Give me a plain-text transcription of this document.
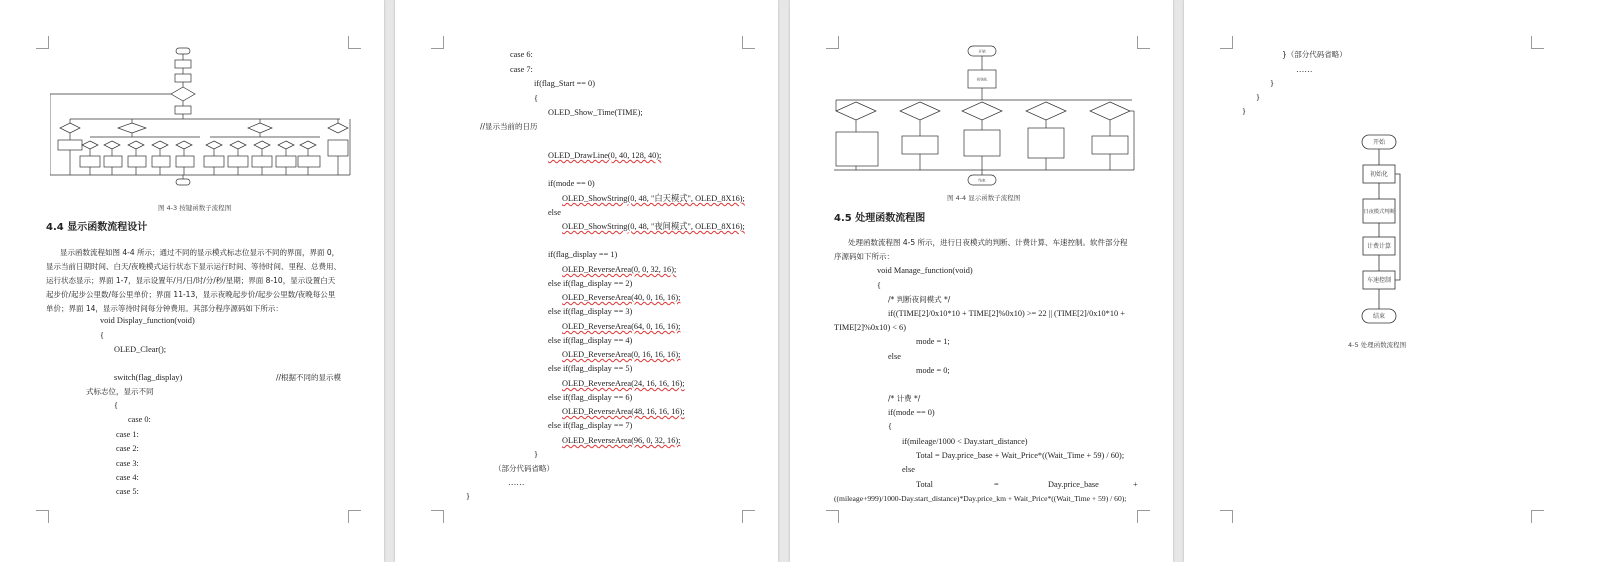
图 4-3 按键函数子流程图
4.4 显示函数流程设计
显示函数流程如图 4-4 所示；通过不同的显示模式标志位显示不同的界面，界面 0，
显示当前日期时间、白天/夜晚模式运行状态下显示运行时间、等待时间、里程、总费用、
运行状态显示；界面 1-7，显示设置年/月/日/时/分/秒/星期；界面 8-10，显示设置白天
起步价/起步公里数/每公里单价；界面 11-13，显示夜晚起步价/起步公里数/夜晚每公里
单价；界面 14，显示等待时间每分钟费用。其部分程序源码如下所示：
void Display_function(void)
{
OLED_Clear();
switch(flag_display)	//根据不同的显示模
式标志位，显示不同
{
case 0:
case 1:
case 2:
case 3:
case 4:
case 5:
case 6:
case 7:
if(flag_Start == 0)
{
OLED_Show_Time(TIME);
//显示当前的日历
OLED_DrawLine(0, 40, 128, 40);
if(mode == 0)
OLED_ShowString(0, 48, "白天模式", OLED_8X16);
else
OLED_ShowString(0, 48, "夜间模式", OLED_8X16);
if(flag_display == 1)
OLED_ReverseArea(0, 0, 32, 16);
else if(flag_display == 2)
OLED_ReverseArea(40, 0, 16, 16);
else if(flag_display == 3)
OLED_ReverseArea(64, 0, 16, 16);
else if(flag_display == 4)
OLED_ReverseArea(0, 16, 16, 16);
else if(flag_display == 5)
OLED_ReverseArea(24, 16, 16, 16);
else if(flag_display == 6)
OLED_ReverseArea(48, 16, 16, 16);
else if(flag_display == 7)
OLED_ReverseArea(96, 0, 32, 16);
}
（部分代码省略）
……
}
开始
初始化
结束
图 4-4 显示函数子流程图
4.5 处理函数流程图
处理函数流程图 4-5 所示，进行日夜模式的判断、计费计算、车速控制。软件部分程
序源码如下所示：
void Manage_function(void)
{
/* 判断夜间模式 */
if((TIME[2]/0x10*10 + TIME[2]%0x10) >= 22 || (TIME[2]/0x10*10 +
TIME[2]%0x10) < 6)
mode = 1;
else
mode = 0;
/* 计费 */
if(mode == 0)
{
if(mileage/1000 < Day.start_distance)
Total = Day.price_base + Wait_Price*((Wait_Time + 59) / 60);
else
Total	=	Day.price_base	+
((mileage+999)/1000-Day.start_distance)*Day.price_km + Wait_Price*((Wait_Time + 59) / 60);
}（部分代码省略）
……
}
}
}
开始
初始化
日夜模式判断
计费计算
车速控制
结束
4-5 处理函数流程图
